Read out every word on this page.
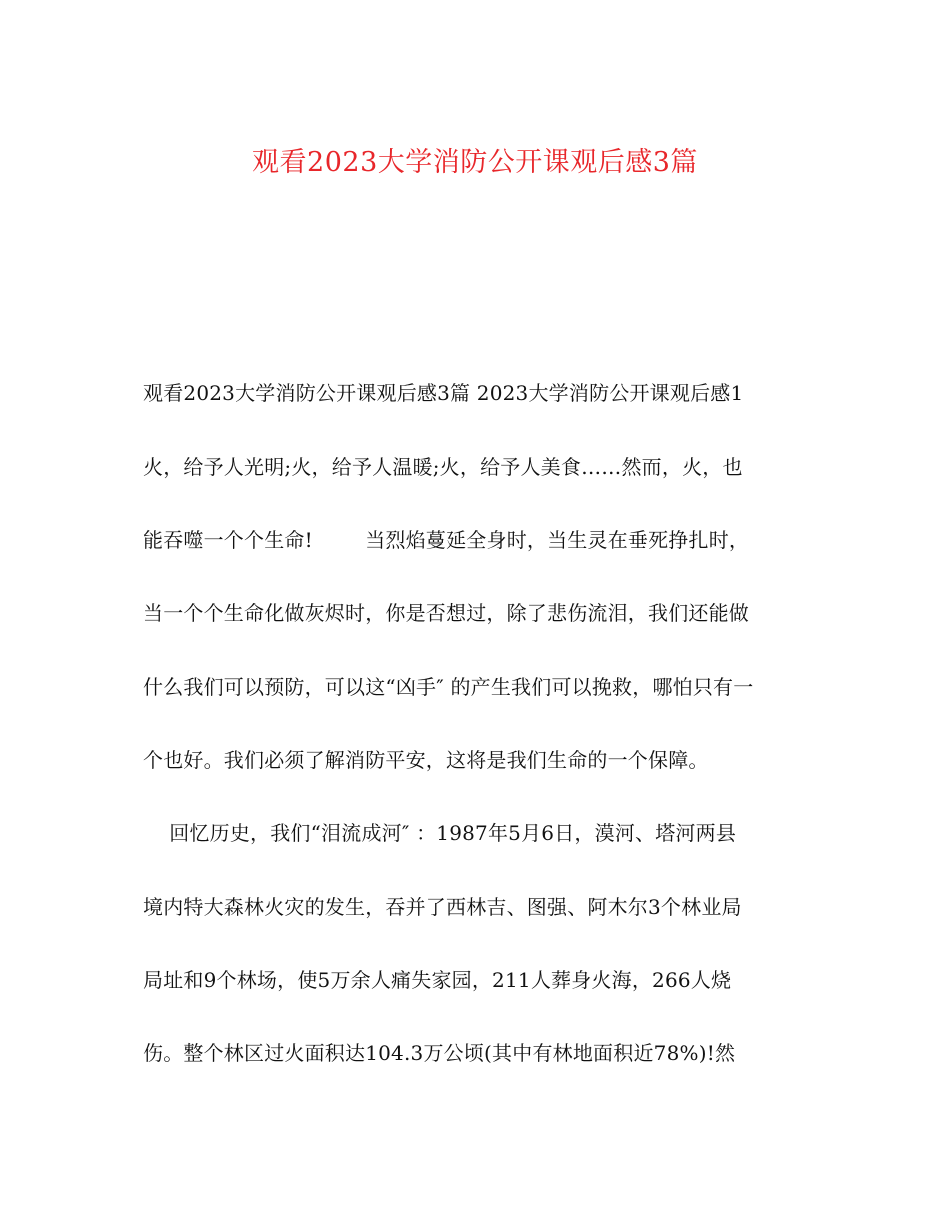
观看2023大学消防公开课观后感3篇
观看2023大学消防公开课观后感3篇 2023大学消防公开课观后感1
火，给予人光明;火，给予人温暖;火，给予人美食……然而，火，也
能吞噬一个个生命!        当烈焰蔓延全身时，当生灵在垂死挣扎时，
当一个个生命化做灰烬时，你是否想过，除了悲伤流泪，我们还能做
什么我们可以预防，可以这“凶手″ 的产生我们可以挽救，哪怕只有一
个也好。我们必须了解消防平安，这将是我们生命的一个保障。
回忆历史，我们“泪流成河″ ：1987年5月6日，漠河、塔河两县
境内特大森林火灾的发生，吞并了西林吉、图强、阿木尔3个林业局
局址和9个林场，使5万余人痛失家园，211人葬身火海，266人烧
伤。整个林区过火面积达104.3万公顷(其中有林地面积近78%)!然
